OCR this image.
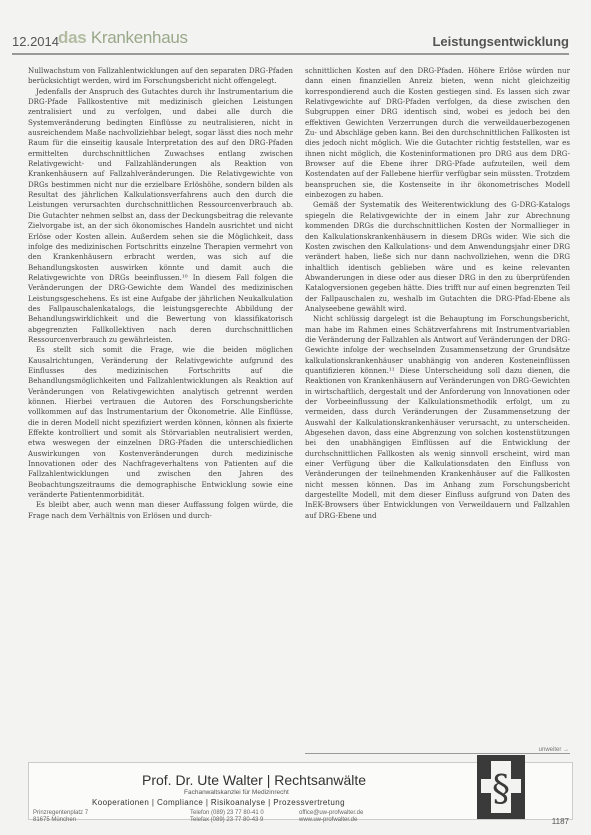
12.2014 das Krankenhaus	Leistungsentwicklung

Nullwachstum von Fallzahlentwicklungen auf den separaten DRG-Pfaden berücksichtigt werden, wird im Forschungsbericht nicht offengelegt.

Jedenfalls der Anspruch des Gutachtes durch ihr Instrumentarium die DRG-Pfade Fallkostentive mit medizinisch gleichen Leistungen zentralisiert und zu verfolgen, und dabei alle durch die Systemveränderung bedingten Einflüsse zu neutralisieren, nicht in ausreichendem Maße nachvollziehbar belegt, sogar lässt dies noch mehr Raum für die einseitig kausale Interpretation des auf den DRG-Pfaden ermittelten durchschnittlichen Zuwachses entlang zwischen Relativgewicht- und Fallzahländerungen als Reaktion von Krankenhäusern auf Fallzahlveränderungen. Die Relativgewichte von DRGs bestimmen nicht nur die erzielbare Erlöshöhe, sondern bilden als Resultat des jährlichen Kalkulationsverfahrens auch den durch die Leistungen verursachten durchschnittlichen Ressourcenverbrauch ab. Die Gutachter nehmen selbst an, dass der Deckungsbeitrag die relevante Zielvorgabe ist, an der sich ökonomisches Handeln ausrichtet und nicht Erlöse oder Kosten allein. Außerdem sehen sie die Möglichkeit, dass infolge des medizinischen Fortschritts einzelne Therapien vermehrt von den Krankenhäusern erbracht werden, was sich auf die Behandlungskosten auswirken könnte und damit auch die Relativgewichte von DRGs beeinflussen.¹⁰ In diesem Fall folgen die Veränderungen der DRG-Gewichte dem Wandel des medizinischen Leistungsgeschehens. Es ist eine Aufgabe der jährlichen Neukalkulation des Fallpauschalenkatalogs, die leistungsgerechte Abbildung der Behandlungswirklichkeit und die Bewertung von klassifikatorisch abgegrenzten Fallkollektiven nach deren durchschnittlichen Ressourcenverbrauch zu gewährleisten.

Es stellt sich somit die Frage, wie die beiden möglichen Kausalrichtungen, Veränderung der Relativgewichte aufgrund des Einflusses des medizinischen Fortschritts auf die Behandlungsmöglichkeiten und Fallzahlentwicklungen als Reaktion auf Veränderungen von Relativgewichten analytisch getrennt werden können. Hierbei vertrauen die Autoren des Forschungsberichte vollkommen auf das Instrumentarium der Ökonometrie. Alle Einflüsse, die in deren Modell nicht spezifiziert werden können, können als fixierte Effekte kontrolliert und somit als Störvariablen neutralisiert werden, etwa weswegen der einzelnen DRG-Pfaden die unterschiedlichen Auswirkungen von Kostenveränderungen durch medizinische Innovationen oder des Nachfrageverhaltens von Patienten auf die Fallzahlentwicklungen und zwischen den Jahren des Beobachtungszeitraums die demographische Entwicklung sowie eine veränderte Patientenmorbidität.

Es bleibt aber, auch wenn man dieser Auffassung folgen würde, die Frage nach dem Verhältnis von Erlösen und durch-

schnittlichen Kosten auf den DRG-Pfaden. Höhere Erlöse würden nur dann einen finanziellen Anreiz bieten, wenn nicht gleichzeitig korrespondierend auch die Kosten gestiegen sind. Es lassen sich zwar Relativgewichte auf DRG-Pfaden verfolgen, da diese zwischen den Subgruppen einer DRG identisch sind, wobei es jedoch bei den effektiven Gewichten Verzerrungen durch die verweildauerbezogenen Zu- und Abschläge geben kann. Bei den durchschnittlichen Fallkosten ist dies jedoch nicht möglich. Wie die Gutachter richtig feststellen, war es ihnen nicht möglich, die Kosteninformationen pro DRG aus dem DRG-Browser auf die Ebene ihrer DRG-Pfade aufzuteilen, weil dem Kostendaten auf der Fallebene hierfür verfügbar sein müssten. Trotzdem beanspruchen sie, die Kostenseite in ihr ökonometrisches Modell einbezogen zu haben.

Gemäß der Systematik des Weiterentwicklung des G-DRG-Katalogs spiegeln die Relativgewichte der in einem Jahr zur Abrechnung kommenden DRGs die durchschnittlichen Kosten der Normallieger in den Kalkulationskrankenhäusern in diesem DRGs wider. Wie sich die Kosten zwischen den Kalkulations- und dem Anwendungsjahr einer DRG verändert haben, ließe sich nur dann nachvollziehen, wenn die DRG inhaltlich identisch geblieben wäre und es keine relevanten Abwanderungen in diese oder aus dieser DRG in den zu überprüfenden Katalogversionen gegeben hätte. Dies trifft nur auf einen begrenzten Teil der Fallpauschalen zu, weshalb im Gutachten die DRG-Pfad-Ebene als Analyseebene gewählt wird.

Nicht schlüssig dargelegt ist die Behauptung im Forschungsbericht, man habe im Rahmen eines Schätzverfahrens mit Instrumentvariablen die Veränderung der Fallzahlen als Antwort auf Veränderungen der DRG-Gewichte infolge der wechselnden Zusammensetzung der Grundsätze kalkulationskrankenhäuser unabhängig von anderen Kosteneinflüssen quantifizieren können.¹¹ Diese Unterscheidung soll dazu dienen, die Reaktionen von Krankenhäusern auf Veränderungen von DRG-Gewichten in wirtschaftlich, dergestalt und der Anforderung von Innovationen oder der Vorbeeinflussung der Kalkulationsmethodik erfolgt, um zu vermeiden, dass durch Veränderungen der Zusammensetzung der Auswahl der Kalkulationskrankenhäuser verursacht, zu unterscheiden. Abgesehen davon, dass eine Abgrenzung von solchen kostenstützungen bei den unabhängigen Einflüssen auf die Entwicklung der durchschnittlichen Fallkosten als wenig sinnvoll erscheint, wird man einer Verfügung über die Kalkulationsdaten den Einfluss von Veränderungen der teilnehmenden Krankenhäuser auf die Fallkosten nicht messen können. Das im Anhang zum Forschungsbericht dargestellte Modell, mit dem dieser Einfluss aufgrund von Daten des InEK-Browsers über Entwicklungen von Verweildauern und Fallzahlen auf DRG-Ebene und

unweiter →
Prof. Dr. Ute Walter | Rechtsanwälte
Fachanwaltskanzlei für Medizinrecht
Kooperationen | Compliance | Risikoanalyse | Prozessvertretung
Prinzregentenplatz 7
81675 München
Telefon (089) 23 77 80-41 0
Telefax (089) 23 77 80-43 9
office@uw-profwalter.de
www.uw-profwalter.de
§
1187
